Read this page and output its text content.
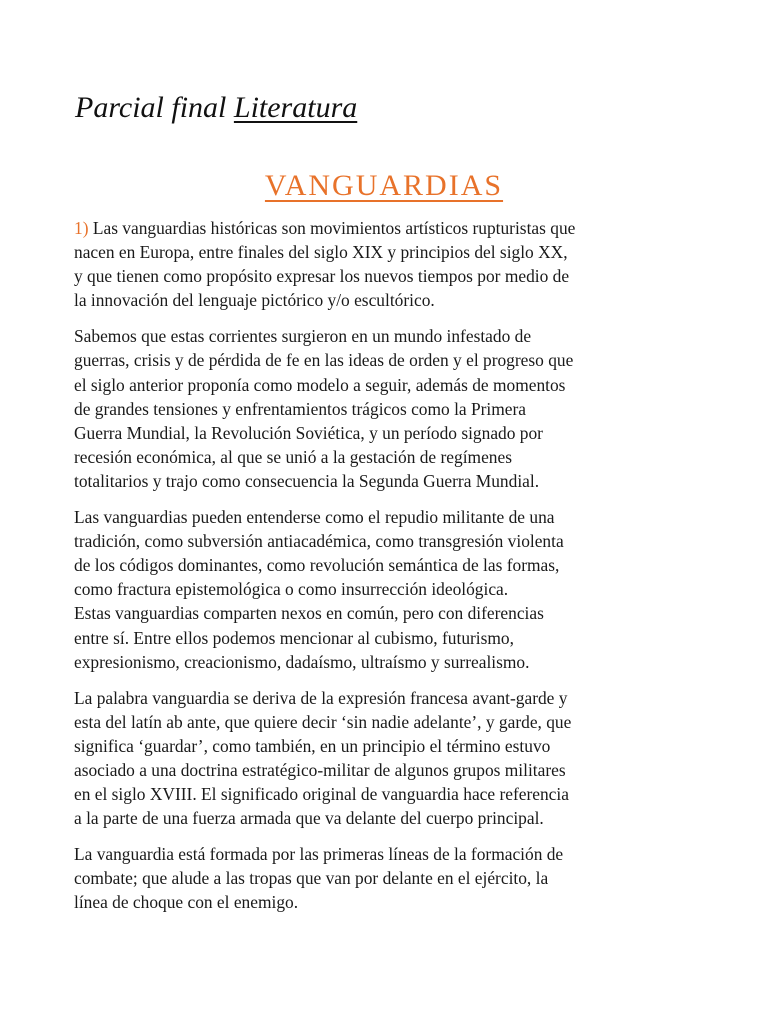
Parcial final Literatura
VANGUARDIAS

1) Las vanguardias históricas son movimientos artísticos rupturistas que
nacen en Europa, entre finales del siglo XIX y principios del siglo XX,
y que tienen como propósito expresar los nuevos tiempos por medio de
la innovación del lenguaje pictórico y/o escultórico.

Sabemos que estas corrientes surgieron en un mundo infestado de
guerras, crisis y de pérdida de fe en las ideas de orden y el progreso que
el siglo anterior proponía como modelo a seguir, además de momentos
de grandes tensiones y enfrentamientos trágicos como la Primera
Guerra Mundial, la Revolución Soviética, y un período signado por
recesión económica, al que se unió a la gestación de regímenes
totalitarios y trajo como consecuencia la Segunda Guerra Mundial.

Las vanguardias pueden entenderse como el repudio militante de una
tradición, como subversión antiacadémica, como transgresión violenta
de los códigos dominantes, como revolución semántica de las formas,
como fractura epistemológica o como insurrección ideológica.
Estas vanguardias comparten nexos en común, pero con diferencias
entre sí. Entre ellos podemos mencionar al cubismo, futurismo,
expresionismo, creacionismo, dadaísmo, ultraísmo y surrealismo.

La palabra vanguardia se deriva de la expresión francesa avant-garde y
esta del latín ab ante, que quiere decir ‘sin nadie adelante’, y garde, que
significa ‘guardar’, como también, en un principio el término estuvo
asociado a una doctrina estratégico-militar de algunos grupos militares
en el siglo XVIII. El significado original de vanguardia hace referencia
a la parte de una fuerza armada que va delante del cuerpo principal.

La vanguardia está formada por las primeras líneas de la formación de
combate; que alude a las tropas que van por delante en el ejército, la
línea de choque con el enemigo.
